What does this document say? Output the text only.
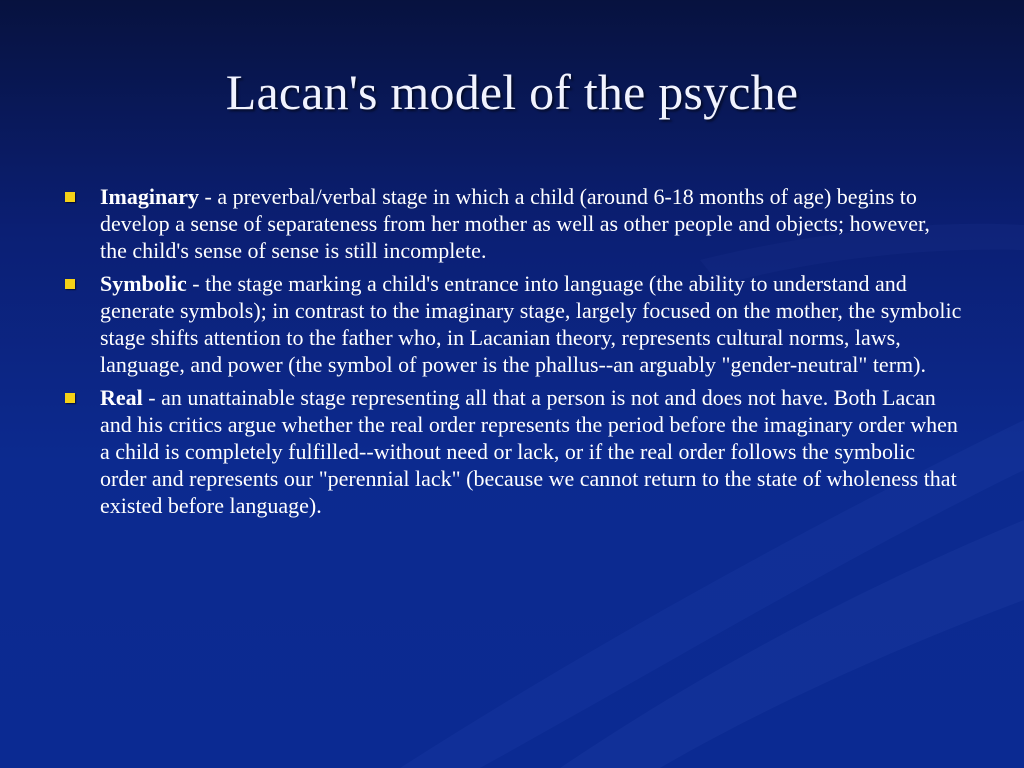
Lacan's model of the psyche
Imaginary - a preverbal/verbal stage in which a child (around 6-18 months of age) begins to develop a sense of separateness from her mother as well as other people and objects; however, the child's sense of sense is still incomplete.
Symbolic - the stage marking a child's entrance into language (the ability to understand and generate symbols); in contrast to the imaginary stage, largely focused on the mother, the symbolic stage shifts attention to the father who, in Lacanian theory, represents cultural norms, laws, language, and power (the symbol of power is the phallus--an arguably "gender-neutral" term).
Real - an unattainable stage representing all that a person is not and does not have. Both Lacan and his critics argue whether the real order represents the period before the imaginary order when a child is completely fulfilled--without need or lack, or if the real order follows the symbolic order and represents our "perennial lack" (because we cannot return to the state of wholeness that existed before language).
